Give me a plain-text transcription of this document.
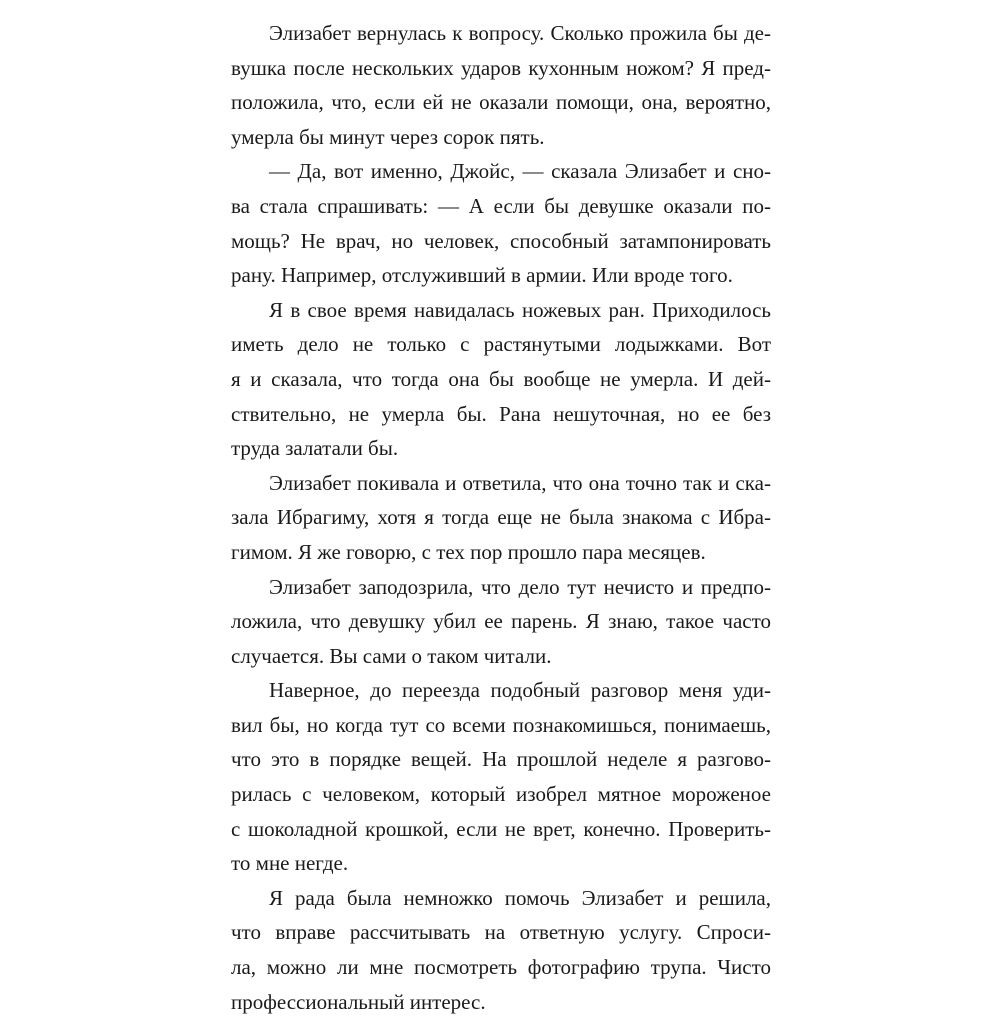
Элизабет вернулась к вопросу. Сколько прожила бы де-
вушка после нескольких ударов кухонным ножом? Я пред-
положила, что, если ей не оказали помощи, она, вероятно,
умерла бы минут через сорок пять.
— Да, вот именно, Джойс, — сказала Элизабет и сно-
ва стала спрашивать: — А если бы девушке оказали по-
мощь? Не врач, но человек, способный затампонировать
рану. Например, отслуживший в армии. Или вроде того.
Я в свое время навидалась ножевых ран. Приходилось
иметь дело не только с растянутыми лодыжками. Вот
я и сказала, что тогда она бы вообще не умерла. И дей-
ствительно, не умерла бы. Рана нешуточная, но ее без
труда залатали бы.
Элизабет покивала и ответила, что она точно так и ска-
зала Ибрагиму, хотя я тогда еще не была знакома с Ибра-
гимом. Я же говорю, с тех пор прошло пара месяцев.
Элизабет заподозрила, что дело тут нечисто и предпо-
ложила, что девушку убил ее парень. Я знаю, такое часто
случается. Вы сами о таком читали.
Наверное, до переезда подобный разговор меня уди-
вил бы, но когда тут со всеми познакомишься, понимаешь,
что это в порядке вещей. На прошлой неделе я разгово-
рилась с человеком, который изобрел мятное мороженое
с шоколадной крошкой, если не врет, конечно. Проверить-
то мне негде.
Я рада была немножко помочь Элизабет и решила,
что вправе рассчитывать на ответную услугу. Спроси-
ла, можно ли мне посмотреть фотографию трупа. Чисто
профессиональный интерес.
